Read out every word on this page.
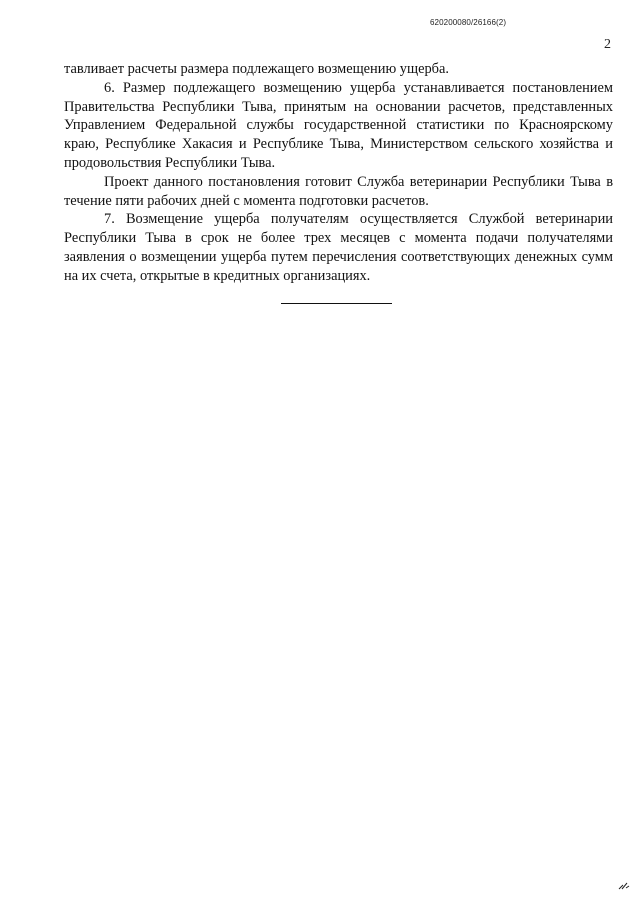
620200080/26166(2)
2

тавливает расчеты размера подлежащего возмещению ущерба.

6. Размер подлежащего возмещению ущерба устанавливается постановлением Правительства Республики Тыва, принятым на основании расчетов, представленных Управлением Федеральной службы государственной статистики по Красноярскому краю, Республике Хакасия и Республике Тыва, Министерством сельского хозяйства и продовольствия Республики Тыва.

Проект данного постановления готовит Служба ветеринарии Республики Тыва в течение пяти рабочих дней с момента подготовки расчетов.

7. Возмещение ущерба получателям осуществляется Службой ветеринарии Республики Тыва в срок не более трех месяцев с момента подачи получателями заявления о возмещении ущерба путем перечисления соответствующих денежных сумм на их счета, открытые в кредитных организациях.
